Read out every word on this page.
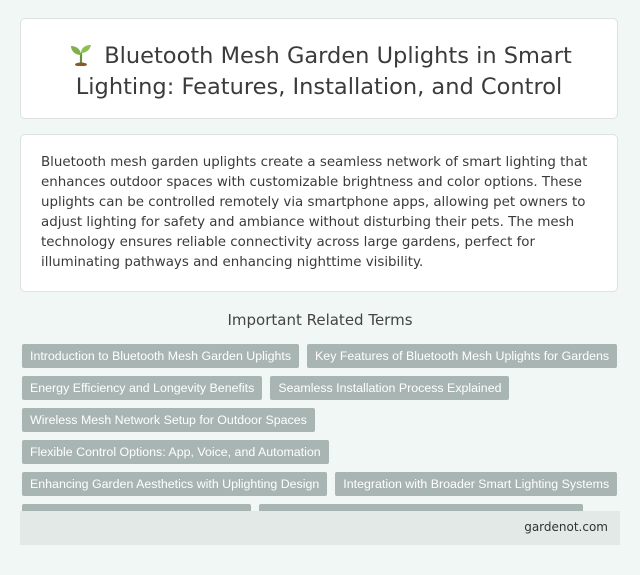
Bluetooth Mesh Garden Uplights in Smart Lighting: Features, Installation, and Control

Bluetooth mesh garden uplights create a seamless network of smart lighting that enhances outdoor spaces with customizable brightness and color options. These uplights can be controlled remotely via smartphone apps, allowing pet owners to adjust lighting for safety and ambiance without disturbing their pets. The mesh technology ensures reliable connectivity across large gardens, perfect for illuminating pathways and enhancing nighttime visibility.

Important Related Terms
Introduction to Bluetooth Mesh Garden Uplights	Key Features of Bluetooth Mesh Uplights for Gardens
Energy Efficiency and Longevity Benefits	Seamless Installation Process Explained
Wireless Mesh Network Setup for Outdoor Spaces
Flexible Control Options: App, Voice, and Automation
Enhancing Garden Aesthetics with Uplighting Design	Integration with Broader Smart Lighting Systems
gardenot.com
